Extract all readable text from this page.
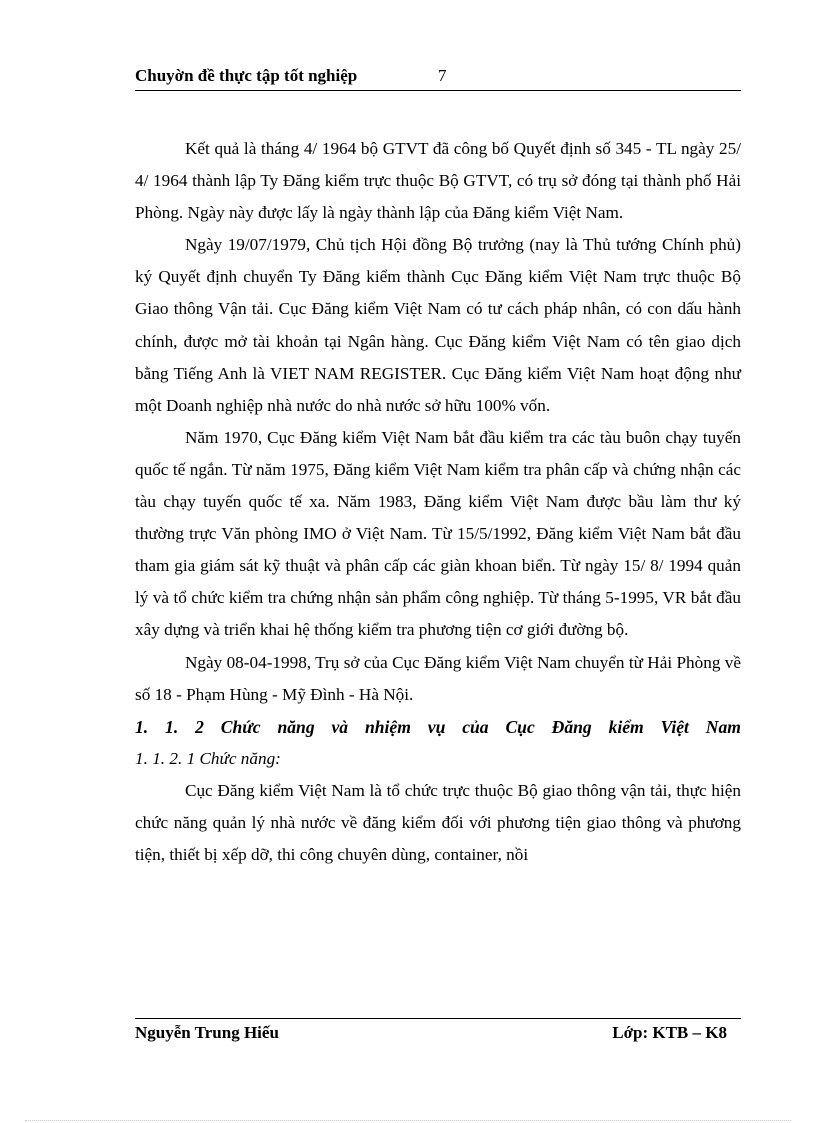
Chuyờn đề thực tập tốt nghiệp	7

Kết quả là tháng 4/ 1964 bộ GTVT đã công bố Quyết định số 345 - TL ngày 25/ 4/ 1964 thành lập Ty Đăng kiểm trực thuộc Bộ GTVT, có trụ sở đóng tại thành phố Hải Phòng. Ngày này được lấy là ngày thành lập của Đăng kiểm Việt Nam.

Ngày 19/07/1979, Chủ tịch Hội đồng Bộ trưởng (nay là Thủ tướng Chính phủ) ký Quyết định chuyển Ty Đăng kiểm thành Cục Đăng kiểm Việt Nam trực thuộc Bộ Giao thông Vận tải. Cục Đăng kiểm Việt Nam có tư cách pháp nhân, có con dấu hành chính, được mở tài khoản tại Ngân hàng. Cục Đăng kiểm Việt Nam có tên giao dịch bằng Tiếng Anh là VIET NAM REGISTER. Cục Đăng kiểm Việt Nam hoạt động như một Doanh nghiệp nhà nước do nhà nước sở hữu 100% vốn.

Năm 1970, Cục Đăng kiểm Việt Nam bắt đầu kiểm tra các tàu buôn chạy tuyến quốc tế ngắn. Từ năm 1975, Đăng kiểm Việt Nam kiểm tra phân cấp và chứng nhận các tàu chạy tuyến quốc tế xa. Năm 1983, Đăng kiểm Việt Nam được bầu làm thư ký thường trực Văn phòng IMO ở Việt Nam. Từ 15/5/1992, Đăng kiểm Việt Nam bắt đầu tham gia giám sát kỹ thuật và phân cấp các giàn khoan biển. Từ ngày 15/ 8/ 1994 quản lý và tổ chức kiểm tra chứng nhận sản phẩm công nghiệp. Từ tháng 5-1995, VR bắt đầu xây dựng và triển khai hệ thống kiểm tra phương tiện cơ giới đường bộ.

Ngày 08-04-1998, Trụ sở của Cục Đăng kiểm Việt Nam chuyển từ Hải Phòng về số 18 - Phạm Hùng - Mỹ Đình - Hà Nội.

1. 1. 2 Chức năng và nhiệm vụ của Cục Đăng kiểm Việt Nam

1. 1. 2. 1 Chức năng:

Cục Đăng kiểm Việt Nam là tổ chức trực thuộc Bộ giao thông vận tải, thực hiện chức năng quản lý nhà nước về đăng kiểm đối với phương tiện giao thông và phương tiện, thiết bị xếp dỡ, thi công chuyên dùng, container, nồi

Nguyễn Trung Hiếu	Lớp: KTB – K8
